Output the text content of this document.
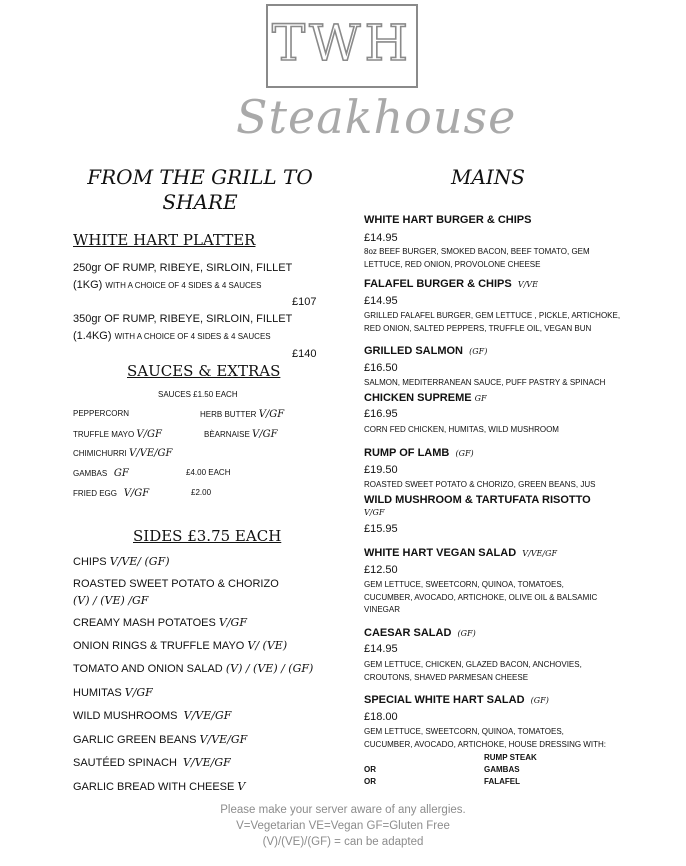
TWH
Steakhouse
FROM THE GRILL TO
SHARE
WHITE HART PLATTER
250gr OF RUMP, RIBEYE, SIRLOIN, FILLET
(1KG) WITH A CHOICE OF 4 SIDES & 4 SAUCES
£107
350gr OF RUMP, RIBEYE, SIRLOIN, FILLET
(1.4KG) WITH A CHOICE OF 4 SIDES & 4 SAUCES
£140
SAUCES & EXTRAS
SAUCES £1.50 EACH
PEPPERCORN	HERB BUTTER V/GF
TRUFFLE MAYO V/GF	BÈARNAISE V/GF
CHIMICHURRI V/VE/GF
GAMBAS GF	£4.00 EACH
FRIED EGG V/GF	£2.00
SIDES £3.75 EACH
CHIPS V/VE/ (GF)
ROASTED SWEET POTATO & CHORIZO
(V) / (VE) /GF
CREAMY MASH POTATOES V/GF
ONION RINGS & TRUFFLE MAYO V/ (VE)
TOMATO AND ONION SALAD (V) / (VE) / (GF)
HUMITAS V/GF
WILD MUSHROOMS V/VE/GF
GARLIC GREEN BEANS V/VE/GF
SAUTÉED SPINACH V/VE/GF
GARLIC BREAD WITH CHEESE V
MAINS
WHITE HART BURGER & CHIPS
£14.95
8oz BEEF BURGER, SMOKED BACON, BEEF TOMATO, GEM
LETTUCE, RED ONION, PROVOLONE CHEESE
FALAFEL BURGER & CHIPS V/VE
£14.95
GRILLED FALAFEL BURGER, GEM LETTUCE , PICKLE, ARTICHOKE,
RED ONION, SALTED PEPPERS, TRUFFLE OIL, VEGAN BUN
GRILLED SALMON (GF)
£16.50
SALMON, MEDITERRANEAN SAUCE, PUFF PASTRY & SPINACH
CHICKEN SUPREME GF
£16.95
CORN FED CHICKEN, HUMITAS, WILD MUSHROOM
RUMP OF LAMB (GF)
£19.50
ROASTED SWEET POTATO & CHORIZO, GREEN BEANS, JUS
WILD MUSHROOM & TARTUFATA RISOTTO
V/GF
£15.95
WHITE HART VEGAN SALAD V/VE/GF
£12.50
GEM LETTUCE, SWEETCORN, QUINOA, TOMATOES,
CUCUMBER, AVOCADO, ARTICHOKE, OLIVE OIL & BALSAMIC
VINEGAR
CAESAR SALAD (GF)
£14.95
GEM LETTUCE, CHICKEN, GLAZED BACON, ANCHOVIES,
CROUTONS, SHAVED PARMESAN CHEESE
SPECIAL WHITE HART SALAD (GF)
£18.00
GEM LETTUCE, SWEETCORN, QUINOA, TOMATOES,
CUCUMBER, AVOCADO, ARTICHOKE, HOUSE DRESSING WITH:
RUMP STEAK
OR	GAMBAS
OR	FALAFEL
Please make your server aware of any allergies.
V=Vegetarian VE=Vegan GF=Gluten Free
(V)/(VE)/(GF) = can be adapted
